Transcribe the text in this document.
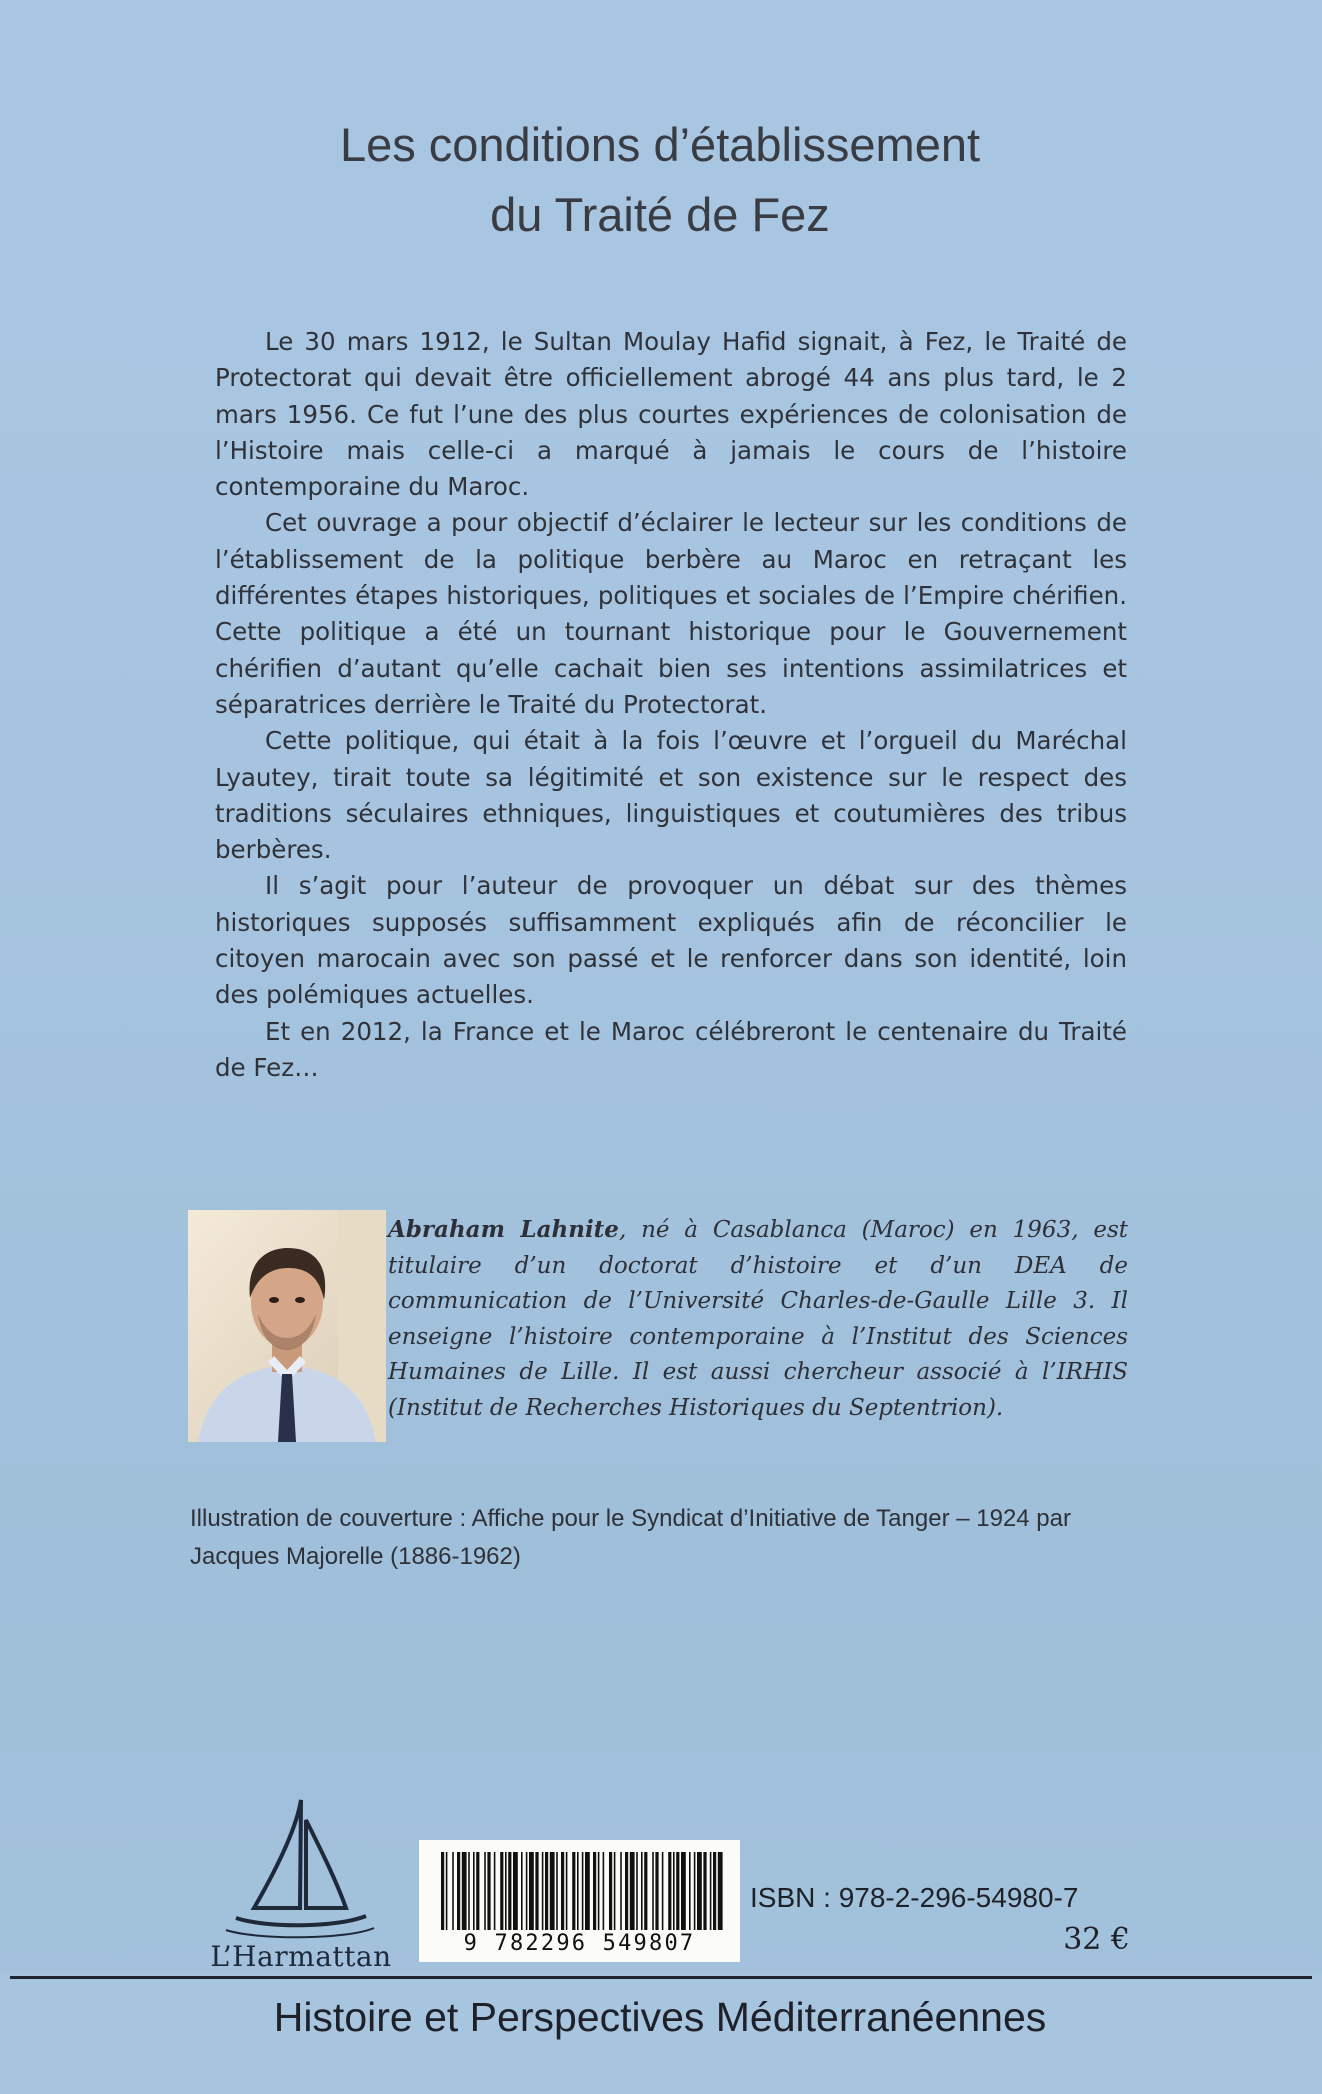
Les conditions d’établissement
du Traité de Fez

Le 30 mars 1912, le Sultan Moulay Hafid signait, à Fez, le Traité de Protectorat qui devait être officiellement abrogé 44 ans plus tard, le 2 mars 1956. Ce fut l’une des plus courtes expériences de colonisation de l’Histoire mais celle-ci a marqué à jamais le cours de l’histoire contemporaine du Maroc.

Cet ouvrage a pour objectif d’éclairer le lecteur sur les conditions de l’établissement de la politique berbère au Maroc en retraçant les différentes étapes historiques, politiques et sociales de l’Empire chérifien. Cette politique a été un tournant historique pour le Gouvernement chérifien d’autant qu’elle cachait bien ses intentions assimilatrices et séparatrices derrière le Traité du Protectorat.

Cette politique, qui était à la fois l’œuvre et l’orgueil du Maréchal Lyautey, tirait toute sa légitimité et son existence sur le respect des traditions séculaires ethniques, linguistiques et coutumières des tribus berbères.

Il s’agit pour l’auteur de provoquer un débat sur des thèmes historiques supposés suffisamment expliqués afin de réconcilier le citoyen marocain avec son passé et le renforcer dans son identité, loin des polémiques actuelles.

Et en 2012, la France et le Maroc célébreront le centenaire du Traité de Fez…

Abraham Lahnite, né à Casablanca (Maroc) en 1963, est titulaire d’un doctorat d’histoire et d’un DEA de communication de l’Université Charles-de-Gaulle Lille 3. Il enseigne l’histoire contemporaine à l’Institut des Sciences Humaines de Lille. Il est aussi chercheur associé à l’IRHIS (Institut de Recherches Historiques du Septentrion).

Illustration de couverture : Affiche pour le Syndicat d’Initiative de Tanger – 1924 par Jacques Majorelle (1886-1962)
L’Harmattan	9 782296 549807
ISBN : 978-2-296-54980-7
32 €
Histoire et Perspectives Méditerranéennes
